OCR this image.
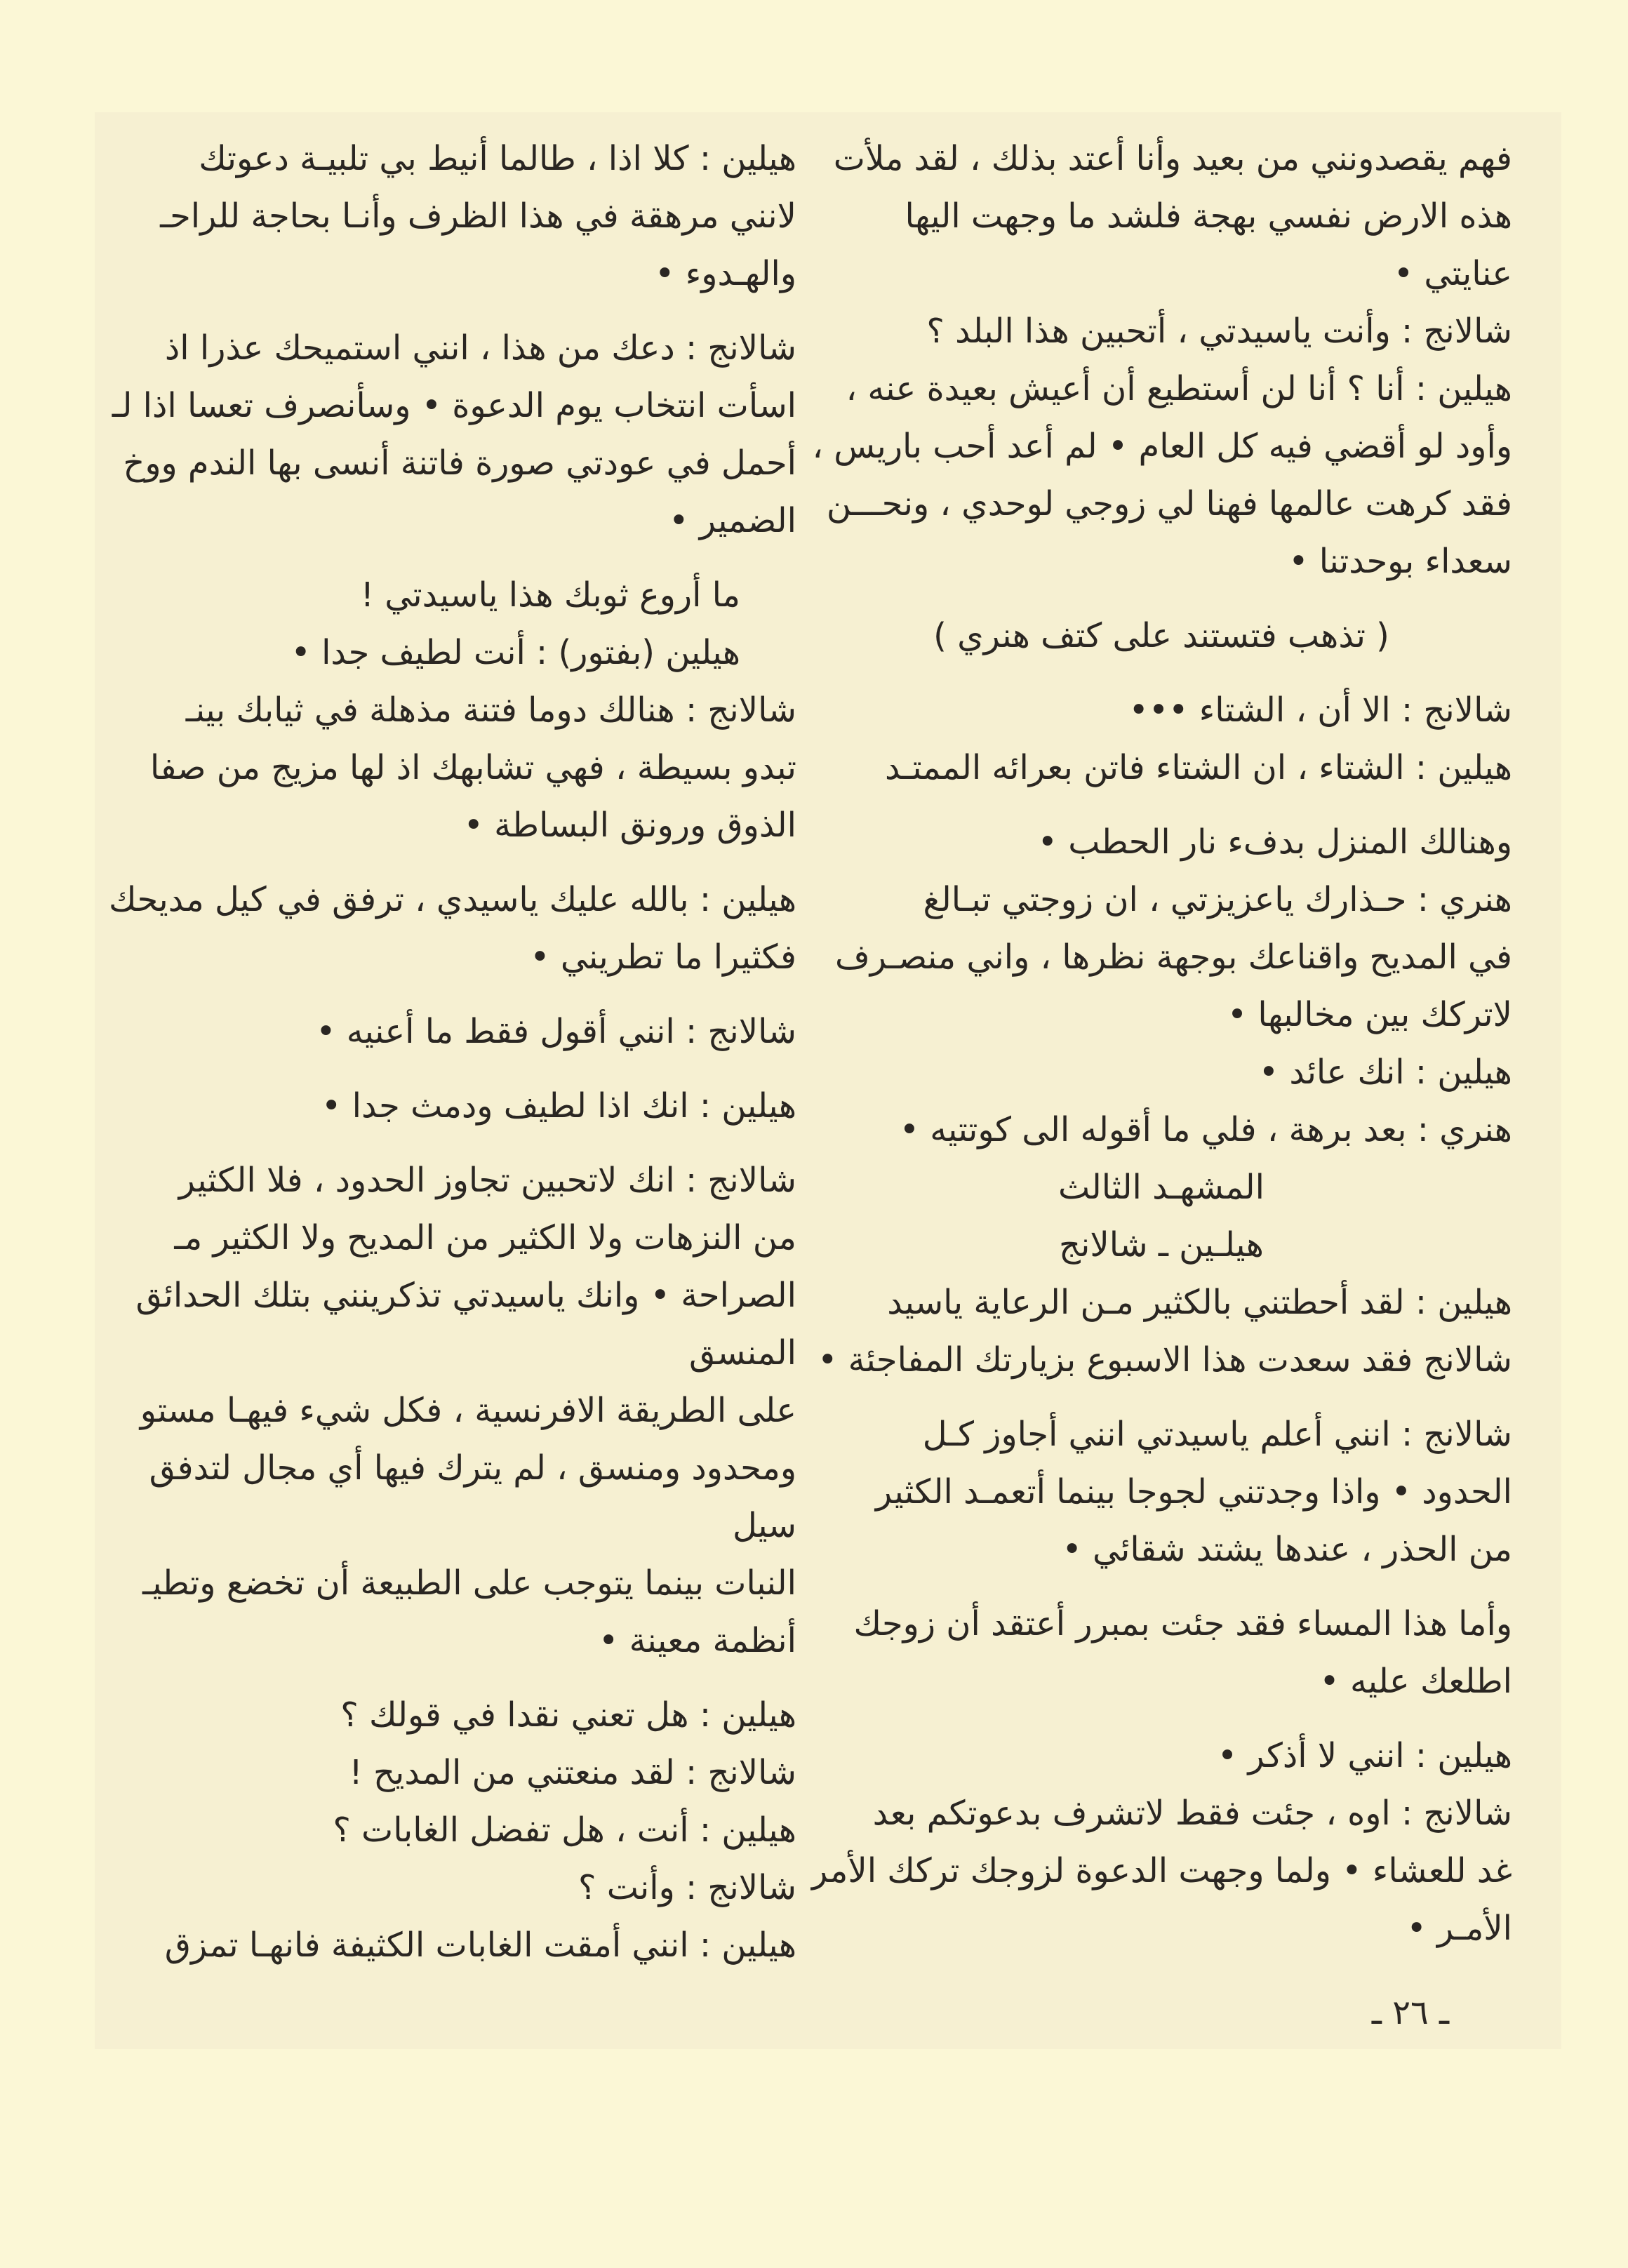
فهم يقصدونني من بعيد وأنا أعتد بذلك ، لقد ملأت

هذه الارض نفسي بهجة فلشد ما وجهت اليها عنايتي •

شالانج : وأنت ياسيدتي ، أتحبين هذا البلد ؟

هيلين : أنا ؟ أنا لن أستطيع أن أعيش بعيدة عنه ،

وأود لو أقضي فيه كل العام • لم أعد أحب باريس ،

فقد كرهت عالمها فهنا لي زوجي لوحدي ، ونحـــن

سعداء بوحدتنا •

( تذهب فتستند على كتف هنري )

شالانج : الا أن ، الشتاء •••

هيلين : الشتاء ، ان الشتاء فاتن بعرائه الممتـد

وهنالك المنزل بدفء نار الحطب •

هنري : حـذارك ياعزيزتي ، ان زوجتي تبـالغ

في المديح واقناعك بوجهة نظرها ، واني منصـرف

لاتركك بين مخالبها •

هيلين : انك عائد •

هنري : بعد برهة ، فلي ما أقوله الى كوتتيه •

المشهـد الثالث

هيلـين ـ شالانج

هيلين : لقد أحطتني بالكثير مـن الرعاية ياسيد

شالانج فقد سعدت هذا الاسبوع بزيارتك المفاجئة •

شالانج : انني أعلم ياسيدتي انني أجاوز كـل

الحدود • واذا وجدتني لجوجا بينما أتعمـد الكثير

من الحذر ، عندها يشتد شقائي •

وأما هذا المساء فقد جئت بمبرر أعتقد أن زوجك

اطلعك عليه •

هيلين : انني لا أذكر •

شالانج : اوه ، جئت فقط لاتشرف بدعوتكم بعد

غد للعشاء • ولما وجهت الدعوة لزوجك تركك الأمر

الأمـر •

هيلين : كلا اذا ، طالما أنيط بي تلبيـة دعوتك

لانني مرهقة في هذا الظرف وأنـا بحاجة للراحـ

والهـدوء •

شالانج : دعك من هذا ، انني استميحك عذرا اذ

اسأت انتخاب يوم الدعوة • وسأنصرف تعسا اذا لـ

أحمل في عودتي صورة فاتنة أنسى بها الندم ووخ

الضمير •

ما أروع ثوبك هذا ياسيدتي !

هيلين (بفتور) : أنت لطيف جدا •

شالانج : هنالك دوما فتنة مذهلة في ثيابك بينـ

تبدو بسيطة ، فهي تشابهك اذ لها مزيج من صفا

الذوق ورونق البساطة •

هيلين : بالله عليك ياسيدي ، ترفق في كيل مديحك

فكثيرا ما تطريني •

شالانج : انني أقول فقط ما أعنيه •

هيلين : انك اذا لطيف ودمث جدا •

شالانج : انك لاتحبين تجاوز الحدود ، فلا الكثير

من النزهات ولا الكثير من المديح ولا الكثير مـ

الصراحة • وانك ياسيدتي تذكرينني بتلك الحدائق المنسق

على الطريقة الافرنسية ، فكل شيء فيهـا مستو

ومحدود ومنسق ، لم يترك فيها أي مجال لتدفق سيل

النبات بينما يتوجب على الطبيعة أن تخضع وتطيـ

أنظمة معينة •

هيلين : هل تعني نقدا في قولك ؟

شالانج : لقد منعتني من المديح !

هيلين : أنت ، هل تفضل الغابات ؟

شالانج : وأنت ؟

هيلين : انني أمقت الغابات الكثيفة فانهـا تمزق

ـ ٢٦ ـ
